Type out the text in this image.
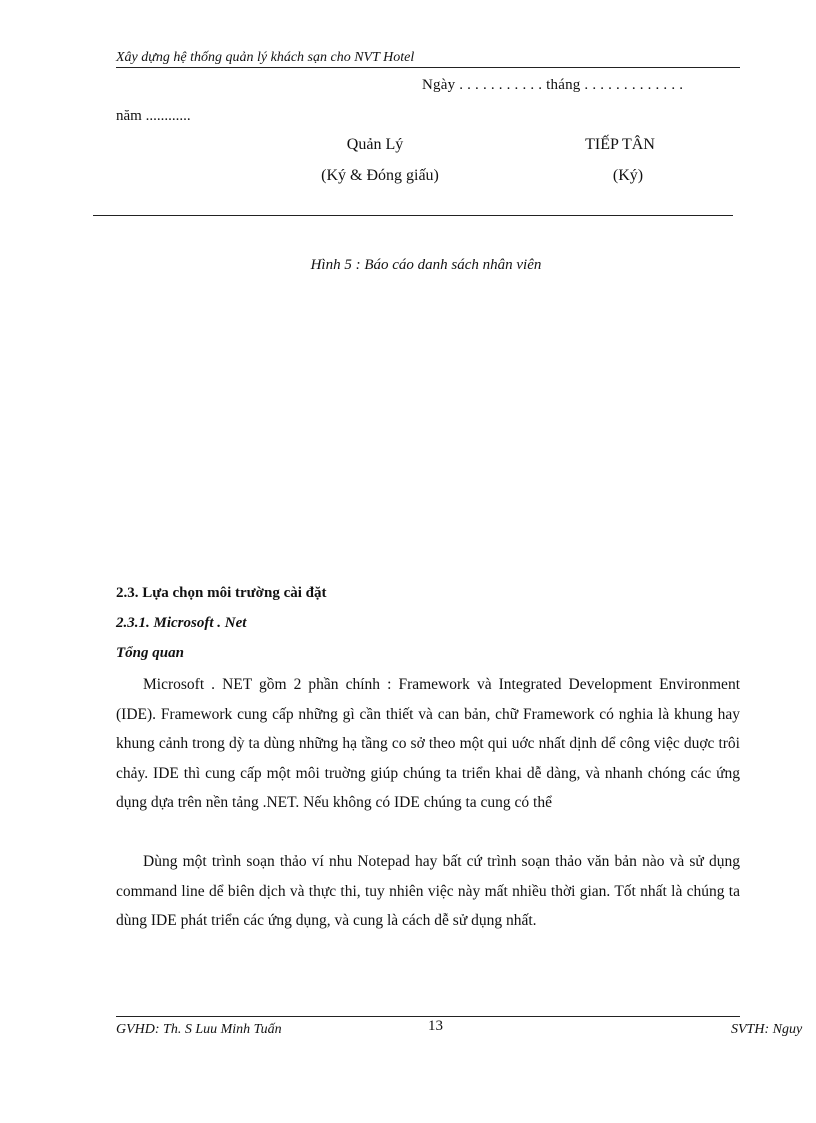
Xây dựng hệ thống quản lý khách sạn cho NVT Hotel
Ngày . . . . . . . . . . . tháng . . . . . . . . . . . . .
năm ............
Quản Lý
(Ký & Đóng giấu)
TIẾP TÂN
(Ký)
Hình 5 : Báo cáo danh sách nhân viên
2.3. Lựa chọn môi trường cài đặt
2.3.1. Microsoft . Net
Tổng quan

Microsoft . NET gồm 2 phần chính : Framework và Integrated Development Environment (IDE). Framework cung cấp những gì cần thiết và can bản, chữ Framework có nghia là khung hay khung cảnh trong dỳ ta dùng những hạ tầng co sở theo một qui uớc nhất dịnh dể công việc duợc trôi chảy. IDE thì cung cấp một môi truờng giúp chúng ta triển khai dễ dàng, và nhanh chóng các ứng dụng dựa trên nền tảng .NET. Nếu không có IDE chúng ta cung có thể

Dùng một trình soạn thảo ví nhu Notepad hay bất cứ trình soạn thảo văn bản nào và sử dụng command line dể biên dịch và thực thi, tuy nhiên việc này mất nhiều thời gian. Tốt nhất là chúng ta dùng IDE phát triển các ứng dụng, và cung là cách dễ sử dụng nhất.

GVHD: Th. S Luu Minh Tuấn	13	SVTH: Nguy
